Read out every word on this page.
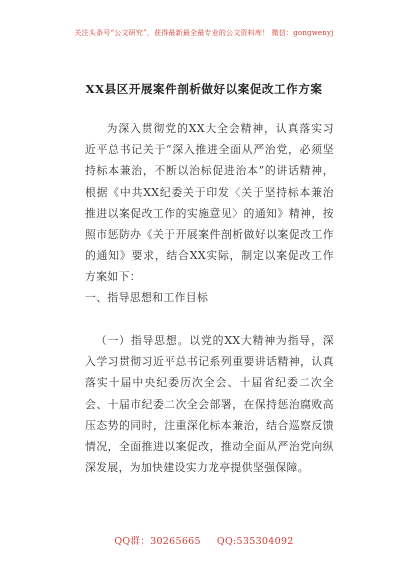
关注头条号“公文研究”，获得最新最全最专业的公文资料库！ 微信：gongwenyj
XX县区开展案件剖析做好以案促改工作方案
为深入贯彻党的XX大全会精神，认真落实习近平总书记关于“深入推进全面从严治党，必须坚持标本兼治，不断以治标促进治本”的讲话精神，根据《中共XX纪委关于印发〈关于坚持标本兼治推进以案促改工作的实施意见〉的通知》精神，按照市惩防办《关于开展案件剖析做好以案促改工作的通知》要求，结合XX实际，制定以案促改工作方案如下：
一、指导思想和工作目标
（一）指导思想。以党的XX大精神为指导，深入学习贯彻习近平总书记系列重要讲话精神，认真落实十届中央纪委历次全会、十届省纪委二次全会、十届市纪委二次全会部署，在保持惩治腐败高压态势的同时，注重深化标本兼治，结合巡察反馈情况，全面推进以案促改，推动全面从严治党向纵深发展，为加快建设实力龙亭提供坚强保障。
QQ群：30265665 QQ:535304092
